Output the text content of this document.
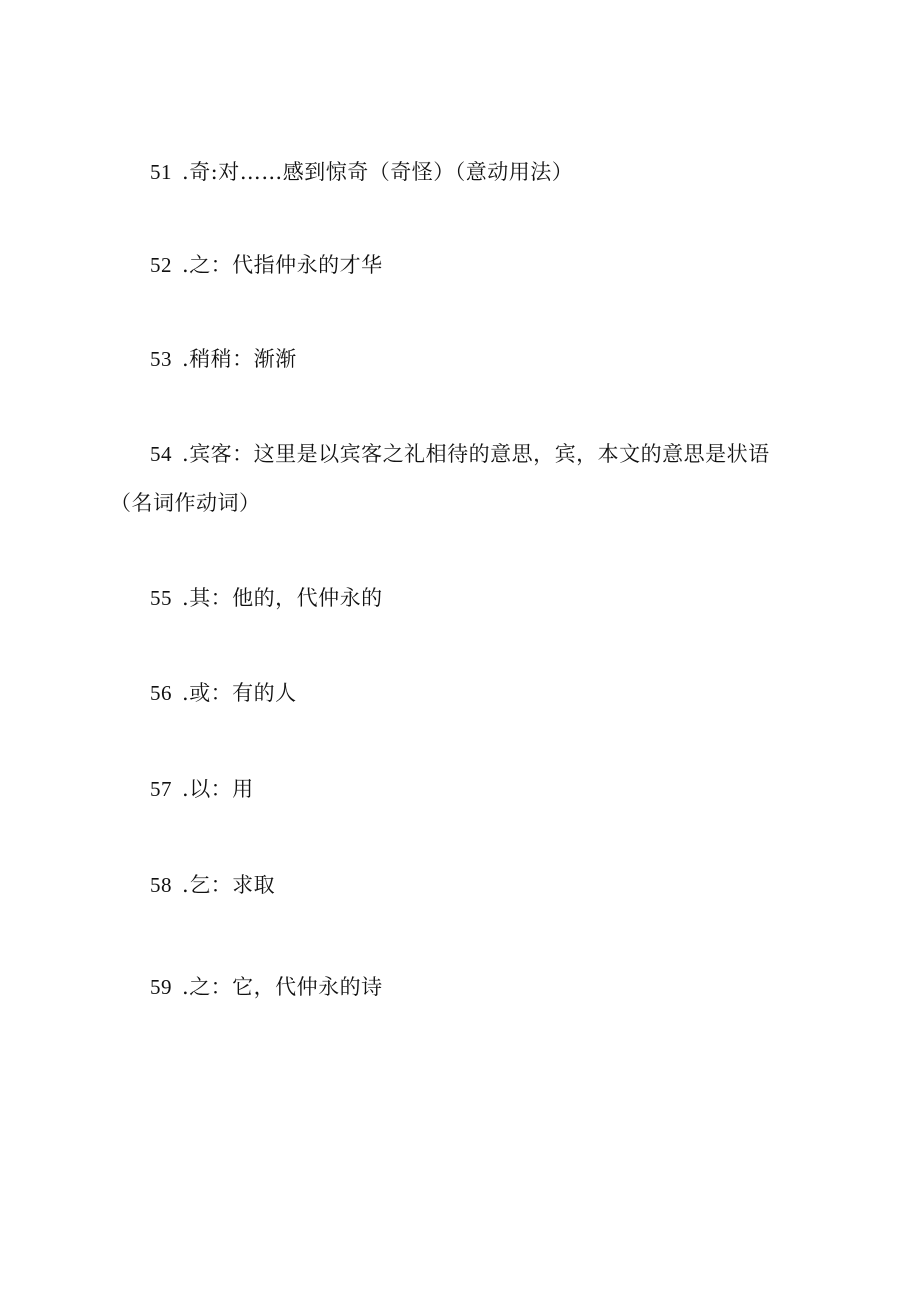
51.奇:对……感到惊奇（奇怪）（意动用法）
52.之：代指仲永的才华
53.稍稍：渐渐
54.宾客：这里是以宾客之礼相待的意思，宾，本文的意思是状语
（名词作动词）
55.其：他的，代仲永的
56.或：有的人
57.以：用
58.乞：求取
59.之：它，代仲永的诗
